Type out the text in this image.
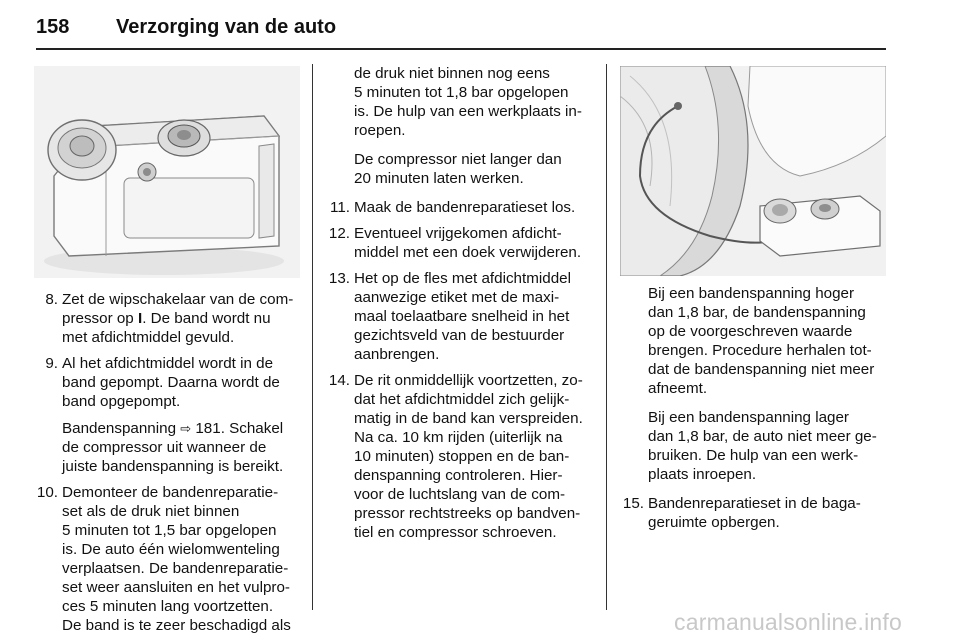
158 Verzorging van de auto
8. Zet de wipschakelaar van de com-
pressor op I. De band wordt nu
met afdichtmiddel gevuld.
9. Al het afdichtmiddel wordt in de
band gepompt. Daarna wordt de
band opgepompt.
Bandenspanning ⇨ 181. Schakel
de compressor uit wanneer de
juiste bandenspanning is bereikt.
10. Demonteer de bandenreparatie-
set als de druk niet binnen
5 minuten tot 1,5 bar opgelopen
is. De auto één wielomwenteling
verplaatsen. De bandenreparatie-
set weer aansluiten en het vulpro-
ces 5 minuten lang voortzetten.
De band is te zeer beschadigd als

de druk niet binnen nog eens
5 minuten tot 1,8 bar opgelopen
is. De hulp van een werkplaats in-
roepen.

De compressor niet langer dan
20 minuten laten werken.

11. Maak de bandenreparatieset los.
12. Eventueel vrijgekomen afdicht-
middel met een doek verwijderen.
13. Het op de fles met afdichtmiddel
aanwezige etiket met de maxi-
maal toelaatbare snelheid in het
gezichtsveld van de bestuurder
aanbrengen.
14. De rit onmiddellijk voortzetten, zo-
dat het afdichtmiddel zich gelijk-
matig in de band kan verspreiden.
Na ca. 10 km rijden (uiterlijk na
10 minuten) stoppen en de ban-
denspanning controleren. Hier-
voor de luchtslang van de com-
pressor rechtstreeks op bandven-
tiel en compressor schroeven.

Bij een bandenspanning hoger
dan 1,8 bar, de bandenspanning
op de voorgeschreven waarde
brengen. Procedure herhalen tot-
dat de bandenspanning niet meer
afneemt.

Bij een bandenspanning lager
dan 1,8 bar, de auto niet meer ge-
bruiken. De hulp van een werk-
plaats inroepen.

15. Bandenreparatieset in de baga-
geruimte opbergen.
carmanualsonline.info
